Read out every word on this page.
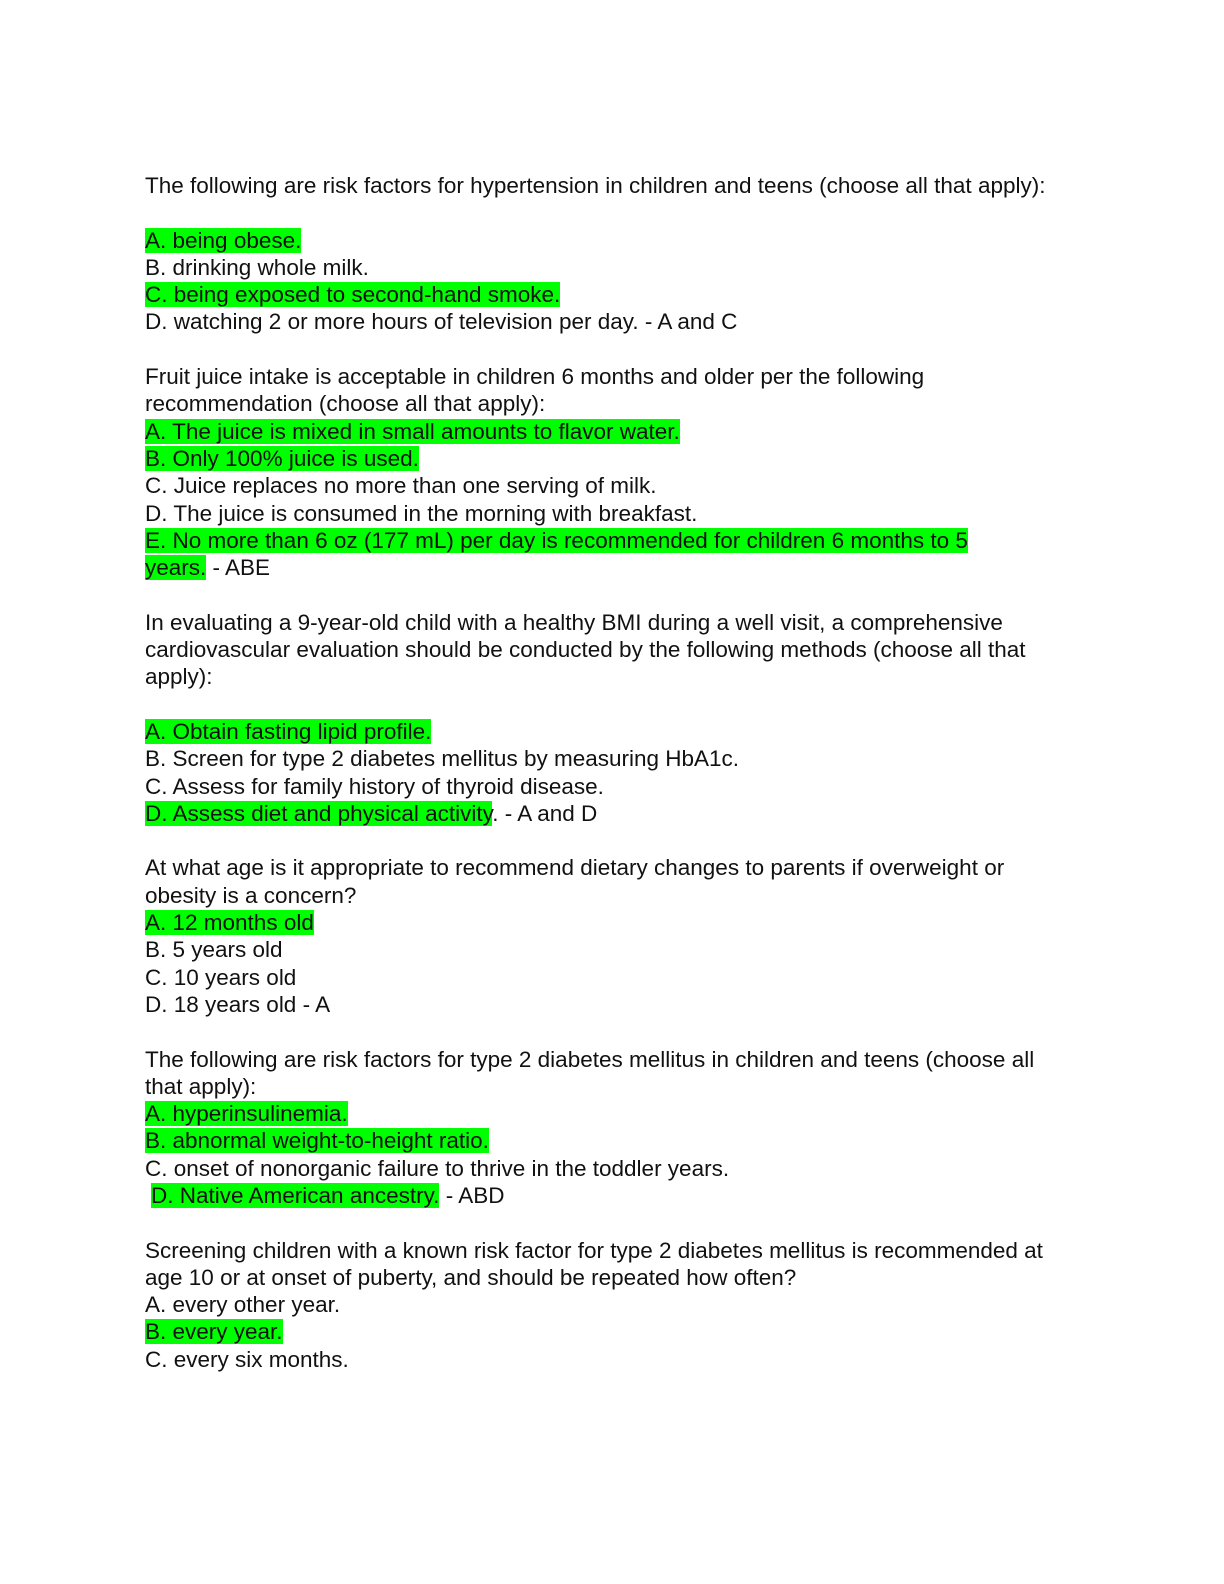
The following are risk factors for hypertension in children and teens (choose all that apply):
A. being obese.
B. drinking whole milk.
C. being exposed to second-hand smoke.
D. watching 2 or more hours of television per day. - A and C
Fruit juice intake is acceptable in children 6 months and older per the following recommendation (choose all that apply):
A. The juice is mixed in small amounts to flavor water.
B. Only 100% juice is used.
C. Juice replaces no more than one serving of milk.
D. The juice is consumed in the morning with breakfast.
E. No more than 6 oz (177 mL) per day is recommended for children 6 months to 5
years. - ABE
In evaluating a 9-year-old child with a healthy BMI during a well visit, a comprehensive cardiovascular evaluation should be conducted by the following methods (choose all that apply):
A. Obtain fasting lipid profile.
B. Screen for type 2 diabetes mellitus by measuring HbA1c.
C. Assess for family history of thyroid disease.
D. Assess diet and physical activity. - A and D
At what age is it appropriate to recommend dietary changes to parents if overweight or obesity is a concern?
A. 12 months old
B. 5 years old
C. 10 years old
D. 18 years old - A
The following are risk factors for type 2 diabetes mellitus in children and teens (choose all that apply):
A. hyperinsulinemia.
B. abnormal weight-to-height ratio.
C. onset of nonorganic failure to thrive in the toddler years.
D. Native American ancestry. - ABD
Screening children with a known risk factor for type 2 diabetes mellitus is recommended at age 10 or at onset of puberty, and should be repeated how often?
A. every other year.
B. every year.
C. every six months.
